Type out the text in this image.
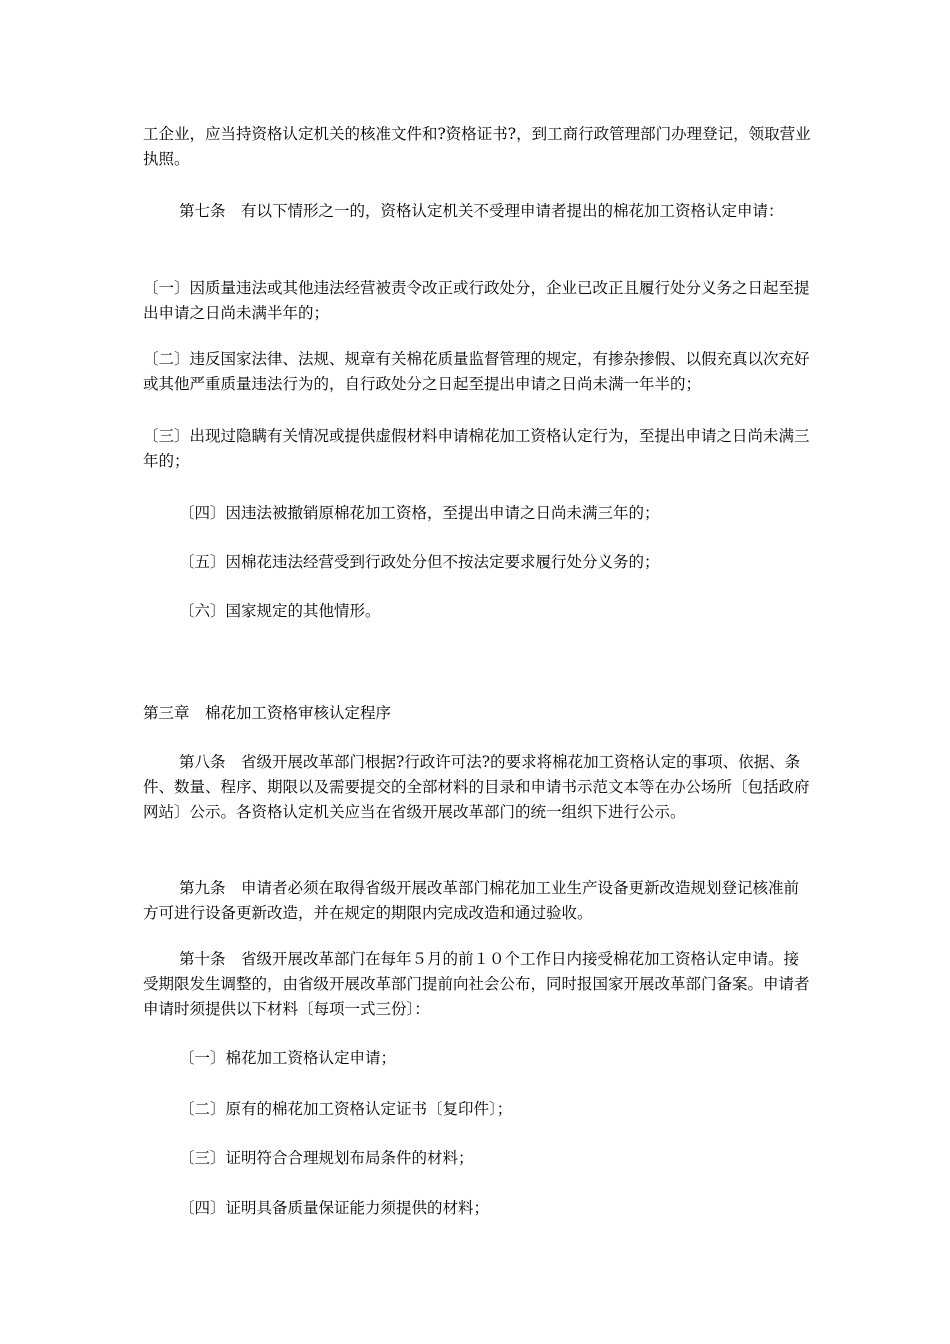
工企业，应当持资格认定机关的核准文件和?资格证书?，到工商行政管理部门办理登记，领取营业执照。

第七条　有以下情形之一的，资格认定机关不受理申请者提出的棉花加工资格认定申请：

〔一〕因质量违法或其他违法经营被责令改正或行政处分，企业已改正且履行处分义务之日起至提出申请之日尚未满半年的；

〔二〕违反国家法律、法规、规章有关棉花质量监督管理的规定，有掺杂掺假、以假充真以次充好或其他严重质量违法行为的，自行政处分之日起至提出申请之日尚未满一年半的；

〔三〕出现过隐瞒有关情况或提供虚假材料申请棉花加工资格认定行为，至提出申请之日尚未满三年的；

〔四〕因违法被撤销原棉花加工资格，至提出申请之日尚未满三年的；

〔五〕因棉花违法经营受到行政处分但不按法定要求履行处分义务的；

〔六〕国家规定的其他情形。

第三章　棉花加工资格审核认定程序

第八条　省级开展改革部门根据?行政许可法?的要求将棉花加工资格认定的事项、依据、条件、数量、程序、期限以及需要提交的全部材料的目录和申请书示范文本等在办公场所〔包括政府网站〕公示。各资格认定机关应当在省级开展改革部门的统一组织下进行公示。

第九条　申请者必须在取得省级开展改革部门棉花加工业生产设备更新改造规划登记核准前方可进行设备更新改造，并在规定的期限内完成改造和通过验收。

第十条　省级开展改革部门在每年５月的前１０个工作日内接受棉花加工资格认定申请。接受期限发生调整的，由省级开展改革部门提前向社会公布，同时报国家开展改革部门备案。申请者申请时须提供以下材料〔每项一式三份〕：

〔一〕棉花加工资格认定申请；

〔二〕原有的棉花加工资格认定证书〔复印件〕；

〔三〕证明符合合理规划布局条件的材料；

〔四〕证明具备质量保证能力须提供的材料；
